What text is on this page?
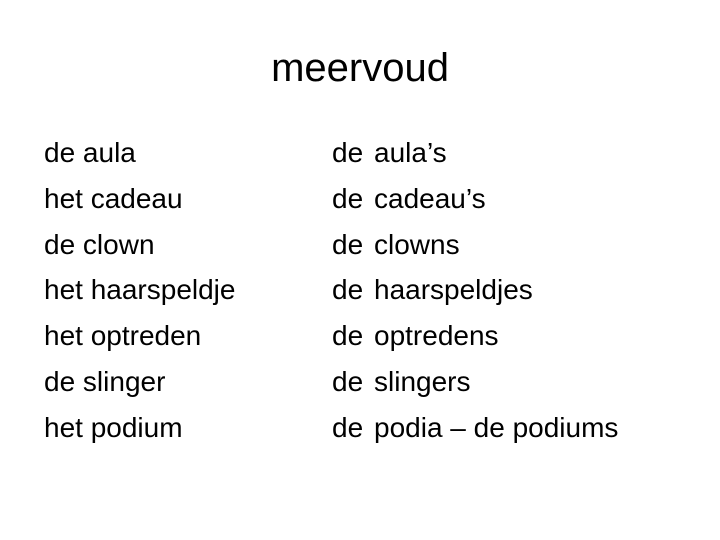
meervoud
de aula
het cadeau
de clown
het haarspeldje
het optreden
de slinger
het podium
de aula’s
de cadeau’s
de clowns
de haarspeldjes
de optredens
de slingers
de podia – de podiums
